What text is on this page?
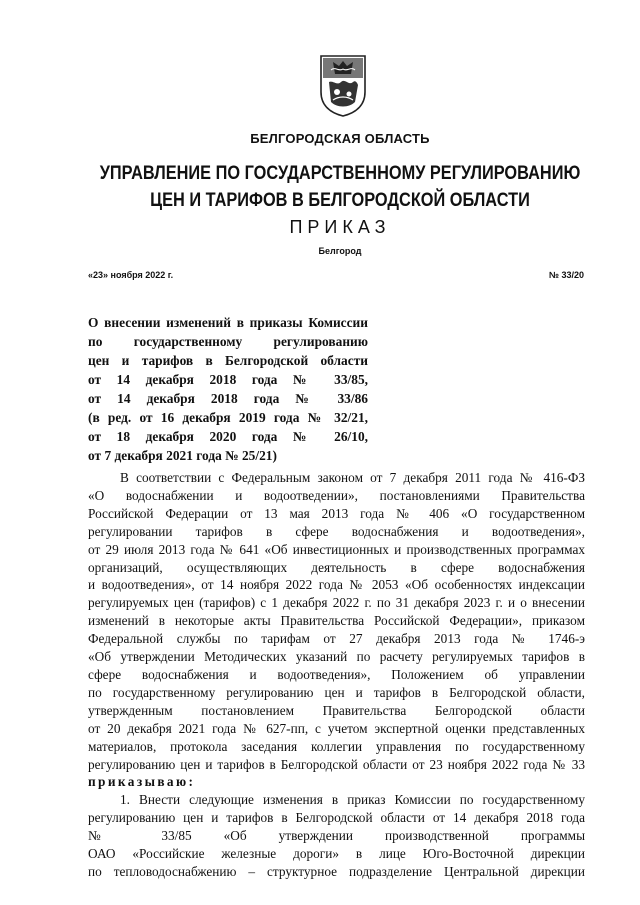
БЕЛГОРОДСКАЯ ОБЛАСТЬ
УПРАВЛЕНИЕ ПО ГОСУДАРСТВЕННОМУ РЕГУЛИРОВАНИЮ
ЦЕН И ТАРИФОВ В БЕЛГОРОДСКОЙ ОБЛАСТИ
ПРИКАЗ
Белгород
«23» ноября 2022 г.	№ 33/20
О внесении изменений в приказы Комиссии
по государственному регулированию
цен и тарифов в Белгородской области
от 14 декабря 2018 года № 33/85,
от 14 декабря 2018 года № 33/86
(в ред. от 16 декабря 2019 года № 32/21,
от 18 декабря 2020 года № 26/10,
от 7 декабря 2021 года № 25/21)
В соответствии с Федеральным законом от 7 декабря 2011 года № 416-ФЗ
«О водоснабжении и водоотведении», постановлениями Правительства
Российской Федерации от 13 мая 2013 года № 406 «О государственном
регулировании тарифов в сфере водоснабжения и водоотведения»,
от 29 июля 2013 года № 641 «Об инвестиционных и производственных программах
организаций, осуществляющих деятельность в сфере водоснабжения
и водоотведения», от 14 ноября 2022 года № 2053 «Об особенностях индексации
регулируемых цен (тарифов) с 1 декабря 2022 г. по 31 декабря 2023 г. и о внесении
изменений в некоторые акты Правительства Российской Федерации», приказом
Федеральной службы по тарифам от 27 декабря 2013 года № 1746-э
«Об утверждении Методических указаний по расчету регулируемых тарифов в
сфере водоснабжения и водоотведения», Положением об управлении
по государственному регулированию цен и тарифов в Белгородской области,
утвержденным постановлением Правительства Белгородской области
от 20 декабря 2021 года № 627-пп, с учетом экспертной оценки представленных
материалов, протокола заседания коллегии управления по государственному
регулированию цен и тарифов в Белгородской области от 23 ноября 2022 года № 33
приказываю:
1. Внести следующие изменения в приказ Комиссии по государственному
регулированию цен и тарифов в Белгородской области от 14 декабря 2018 года
№ 33/85 «Об утверждении производственной программы
ОАО «Российские железные дороги» в лице Юго-Восточной дирекции
по тепловодоснабжению – структурное подразделение Центральной дирекции
